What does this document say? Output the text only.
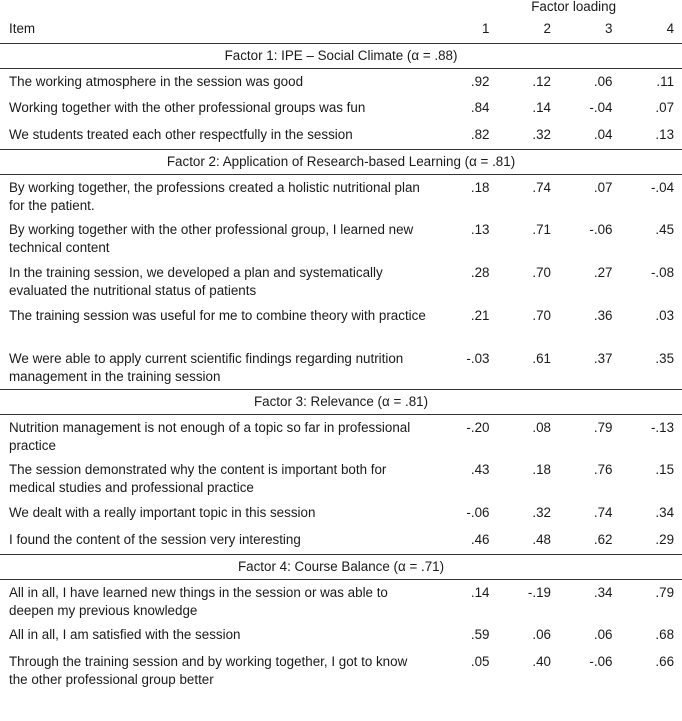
	Factor loading			
Item	1	2	3	4
Factor 1: IPE – Social Climate (α = .88)				
The working atmosphere in the session was good	.92	.12	.06	.11
Working together with the other professional groups was fun	.84	.14	-.04	.07
We students treated each other respectfully in the session	.82	.32	.04	.13
Factor 2: Application of Research-based Learning (α = .81)				
By working together, the professions created a holistic nutritional plan for the patient.	.18	.74	.07	-.04
By working together with the other professional group, I learned new technical content	.13	.71	-.06	.45
In the training session, we developed a plan and systematically evaluated the nutritional status of patients	.28	.70	.27	-.08
The training session was useful for me to combine theory with practice	.21	.70	.36	.03
We were able to apply current scientific findings regarding nutrition management in the training session	-.03	.61	.37	.35
Factor 3: Relevance (α = .81)				
Nutrition management is not enough of a topic so far in professional practice	-.20	.08	.79	-.13
The session demonstrated why the content is important both for medical studies and professional practice	.43	.18	.76	.15
We dealt with a really important topic in this session	-.06	.32	.74	.34
I found the content of the session very interesting	.46	.48	.62	.29
Factor 4: Course Balance (α = .71)				
All in all, I have learned new things in the session or was able to deepen my previous knowledge	.14	-.19	.34	.79
All in all, I am satisfied with the session	.59	.06	.06	.68
Through the training session and by working together, I got to know the other professional group better	.05	.40	-.06	.66
